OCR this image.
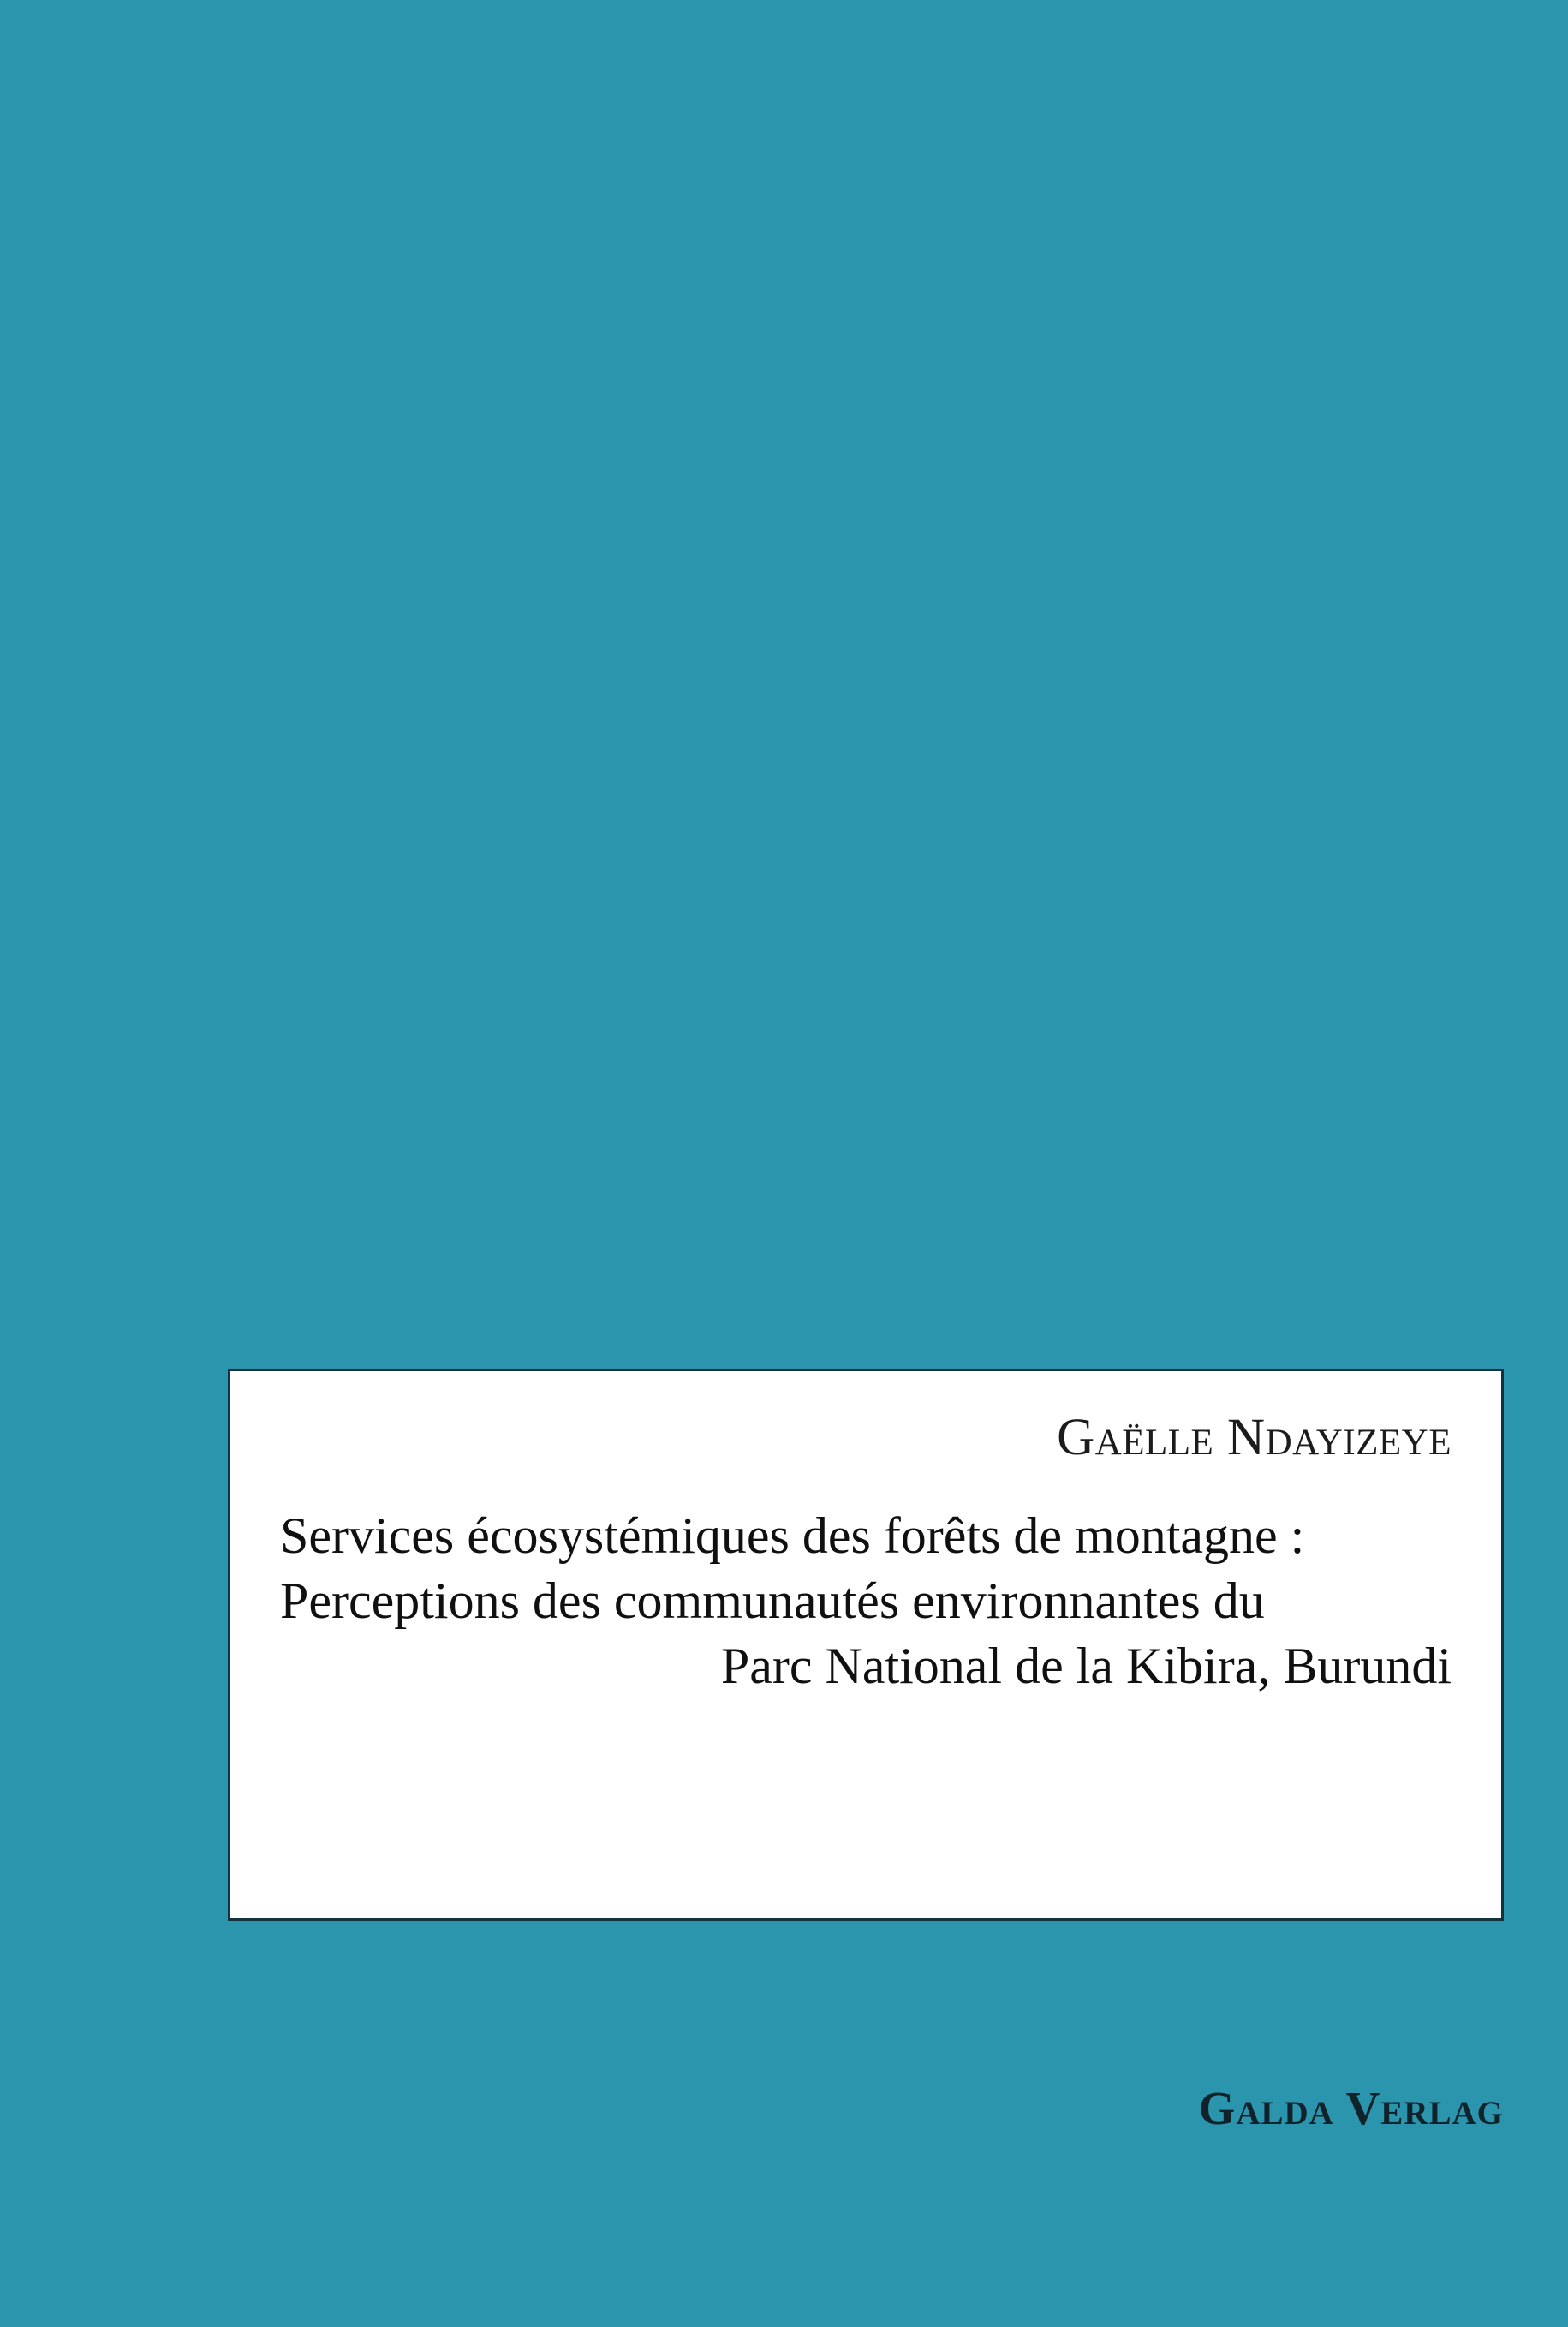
Gaëlle Ndayizeye
Services écosystémiques des forêts de montagne :
Perceptions des communautés environnantes du
Parc National de la Kibira, Burundi
Galda Verlag
